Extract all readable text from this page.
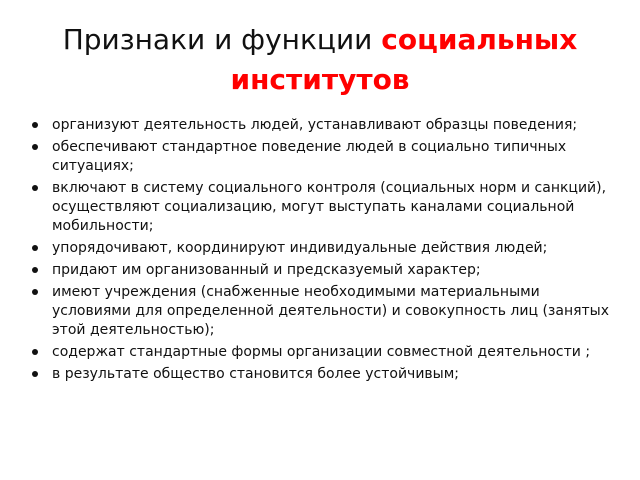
Признаки и функции социальных институтов
организуют деятельность людей, устанавливают образцы поведения;
обеспечивают стандартное поведение людей в социально типичных ситуациях;
включают в систему социального контроля (социальных норм и санкций), осуществляют социализацию, могут выступать каналами социальной мобильности;
упорядочивают, координируют индивидуальные действия людей;
придают им организованный и предсказуемый характер;
имеют учреждения (снабженные необходимыми материальными условиями для определенной деятельности) и совокупность лиц (занятых этой деятельностью);
содержат стандартные формы организации совместной деятельности ;
в результате общество становится более устойчивым;
